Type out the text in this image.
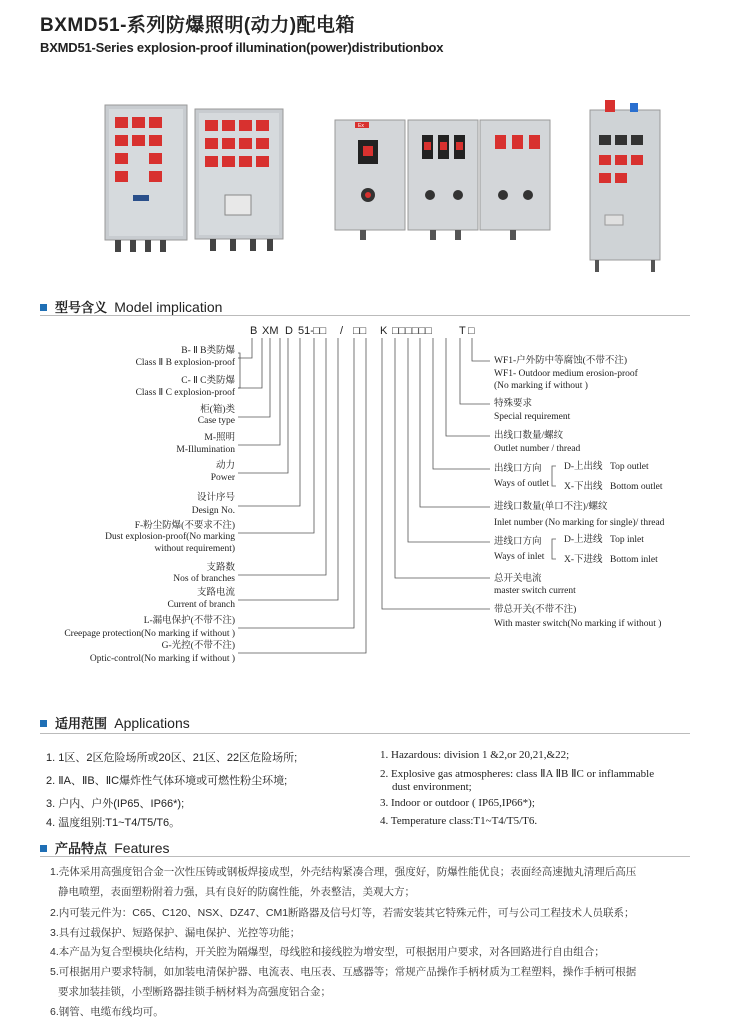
BXMD51-系列防爆照明(动力)配电箱
BXMD51-Series explosion-proof illumination(power)distributionbox
Ex
型号含义 Model implication
B XM D 51- □□ / □□ K □□□□□□ T □
B- Ⅱ B类防爆
Class Ⅱ B explosion-proof
C- Ⅱ C类防爆
Class Ⅱ C explosion-proof
柜(箱)类
Case type
M-照明
M-Illumination
动力
Power
设计序号
Design No.
F-粉尘防爆(不要求不注)
Dust explosion-proof(No marking
without requirement)
支路数
Nos of branches
支路电流
Current of branch
L-漏电保护(不带不注)
Creepage protection(No marking if without )
G-光控(不带不注)
Optic-control(No marking if without )
WF1-户外防中等腐蚀(不带不注)
WF1- Outdoor medium erosion-proof
(No marking if without )
特殊要求
Special requirement
出线口数量/螺纹
Outlet number / thread
出线口方向
Ways of outlet
D-上出线 Top outlet
X-下出线 Bottom outlet
进线口数量(单口不注)/螺纹
Inlet number (No marking for single)/ thread
进线口方向
Ways of inlet
D-上进线 Top inlet
X-下进线 Bottom inlet
总开关电流
master switch current
带总开关(不带不注)
With master switch(No marking if without )
适用范围 Applications
1. 1区、2区危险场所或20区、21区、22区危险场所;
2. ⅡA、ⅡB、ⅡC爆炸性气体环境或可燃性粉尘环境;
3. 户内、户外(IP65、IP66*);
4. 温度组别:T1~T4/T5/T6。
1. Hazardous: division 1 &2,or 20,21,&22;
2. Explosive gas atmospheres: class ⅡA ⅡB ⅡC or inflammable
dust environment;
3. Indoor or outdoor ( IP65,IP66*);
4. Temperature class:T1~T4/T5/T6.
产品特点 Features
1.壳体采用高强度铝合金一次性压铸或钢板焊接成型，外壳结构紧凑合理，强度好，防爆性能优良；表面经高速抛丸清理后高压
静电喷塑，表面塑粉附着力强，具有良好的防腐性能，外表整洁，美观大方；
2.内可装元件为：C65、C120、NSX、DZ47、CM1断路器及信号灯等，若需安装其它特殊元件，可与公司工程技术人员联系；
3.具有过载保护、短路保护、漏电保护、光控等功能；
4.本产品为复合型模块化结构，开关腔为隔爆型，母线腔和接线腔为增安型，可根据用户要求，对各回路进行自由组合；
5.可根据用户要求特制，如加装电清保护器、电流表、电压表、互感器等；常规产品操作手柄材质为工程塑料，操作手柄可根据
要求加装挂锁，小型断路器挂锁手柄材料为高强度铝合金；
6.钢管、电缆布线均可。
